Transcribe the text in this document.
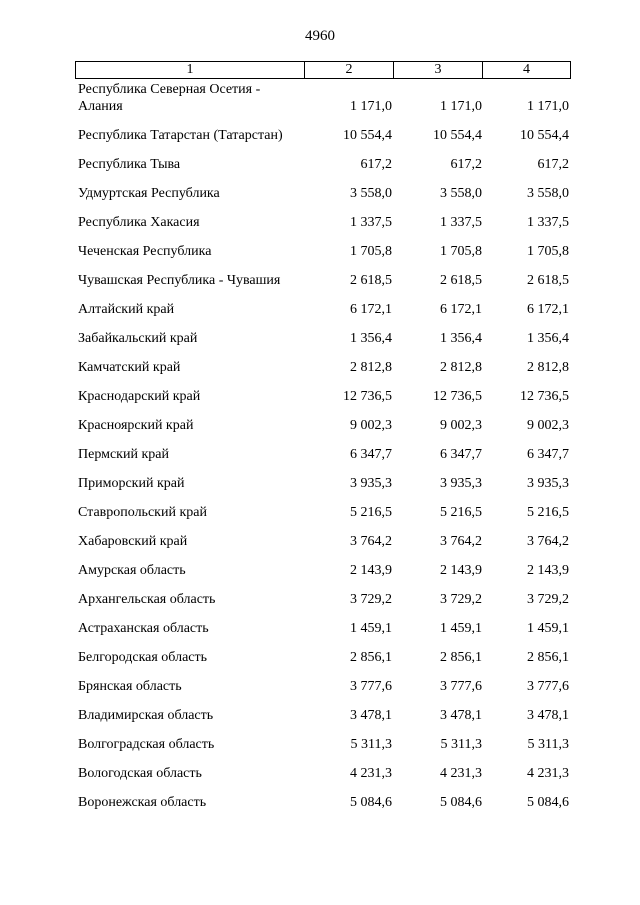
4960
1	2	3	4
Республика Северная Осетия - Алания	1 171,0	1 171,0	1 171,0
Республика Татарстан (Татарстан)	10 554,4	10 554,4	10 554,4
Республика Тыва	617,2	617,2	617,2
Удмуртская Республика	3 558,0	3 558,0	3 558,0
Республика Хакасия	1 337,5	1 337,5	1 337,5
Чеченская Республика	1 705,8	1 705,8	1 705,8
Чувашская Республика - Чувашия	2 618,5	2 618,5	2 618,5
Алтайский край	6 172,1	6 172,1	6 172,1
Забайкальский край	1 356,4	1 356,4	1 356,4
Камчатский край	2 812,8	2 812,8	2 812,8
Краснодарский край	12 736,5	12 736,5	12 736,5
Красноярский край	9 002,3	9 002,3	9 002,3
Пермский край	6 347,7	6 347,7	6 347,7
Приморский край	3 935,3	3 935,3	3 935,3
Ставропольский край	5 216,5	5 216,5	5 216,5
Хабаровский край	3 764,2	3 764,2	3 764,2
Амурская область	2 143,9	2 143,9	2 143,9
Архангельская область	3 729,2	3 729,2	3 729,2
Астраханская область	1 459,1	1 459,1	1 459,1
Белгородская область	2 856,1	2 856,1	2 856,1
Брянская область	3 777,6	3 777,6	3 777,6
Владимирская область	3 478,1	3 478,1	3 478,1
Волгоградская область	5 311,3	5 311,3	5 311,3
Вологодская область	4 231,3	4 231,3	4 231,3
Воронежская область	5 084,6	5 084,6	5 084,6
